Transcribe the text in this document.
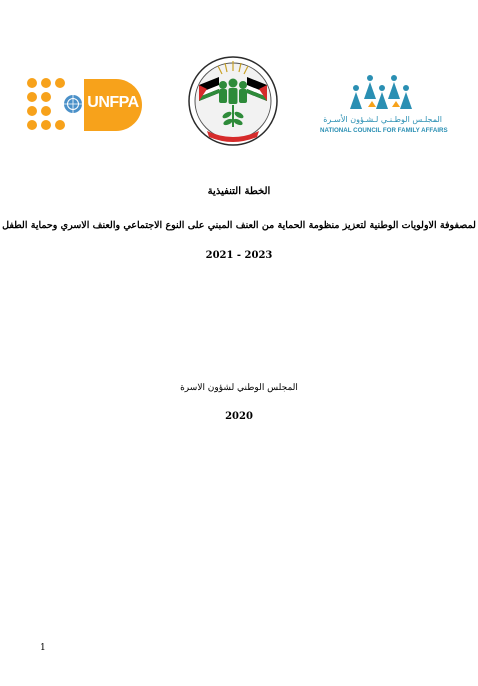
UNFPA
المجلـس الوطـنـي لـشـؤون الأسـرة
NATIONAL COUNCIL FOR FAMILY AFFAIRS
الخطة التنفيذية
لمصفوفة الاولويات الوطنية لتعزيز منظومة الحماية من العنف المبني على النوع الاجتماعي والعنف الاسري وحماية الطفل
2021 - 2023
المجلس الوطني لشؤون الاسرة
2020
1
